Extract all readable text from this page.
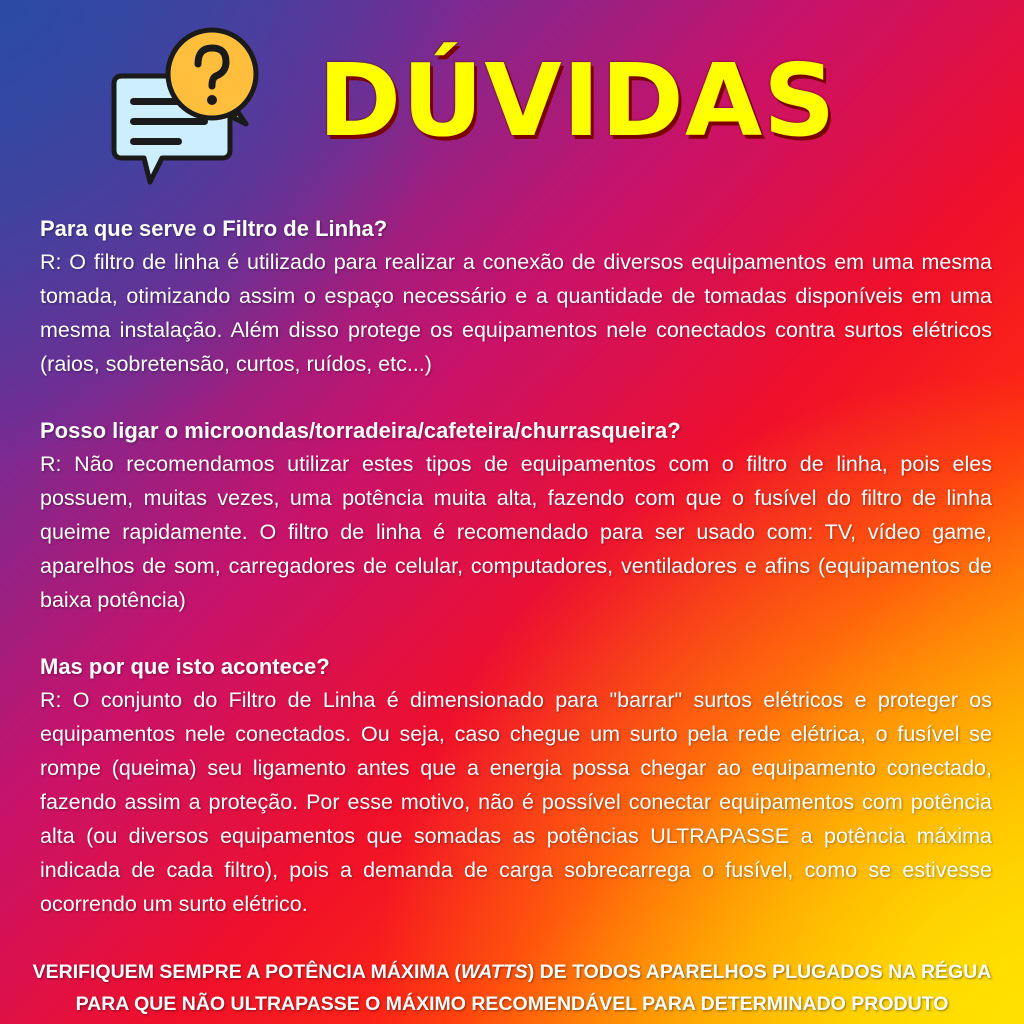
DÚVIDAS

Para que serve o Filtro de Linha?

R: O filtro de linha é utilizado para realizar a conexão de diversos equipamentos em uma mesma tomada, otimizando assim o espaço necessário e a quantidade de tomadas disponíveis em uma mesma instalação. Além disso protege os equipamentos nele conectados contra surtos elétricos (raios, sobretensão, curtos, ruídos, etc...)

Posso ligar o microondas/torradeira/cafeteira/churrasqueira?

R: Não recomendamos utilizar estes tipos de equipamentos com o filtro de linha, pois eles possuem, muitas vezes, uma potência muita alta, fazendo com que o fusível do filtro de linha queime rapidamente. O filtro de linha é recomendado para ser usado com: TV, vídeo game, aparelhos de som, carregadores de celular, computadores, ventiladores e afins (equipamentos de baixa potência)

Mas por que isto acontece?

R: O conjunto do Filtro de Linha é dimensionado para "barrar" surtos elétricos e proteger os equipamentos nele conectados. Ou seja, caso chegue um surto pela rede elétrica, o fusível se rompe (queima) seu ligamento antes que a energia possa chegar ao equipamento conectado, fazendo assim a proteção. Por esse motivo, não é possível conectar equipamentos com potência alta (ou diversos equipamentos que somadas as potências ULTRAPASSE a potência máxima indicada de cada filtro), pois a demanda de carga sobrecarrega o fusível, como se estivesse ocorrendo um surto elétrico.

VERIFIQUEM SEMPRE A POTÊNCIA MÁXIMA (WATTS) DE TODOS APARELHOS PLUGADOS NA RÉGUA
PARA QUE NÃO ULTRAPASSE O MÁXIMO RECOMENDÁVEL PARA DETERMINADO PRODUTO
